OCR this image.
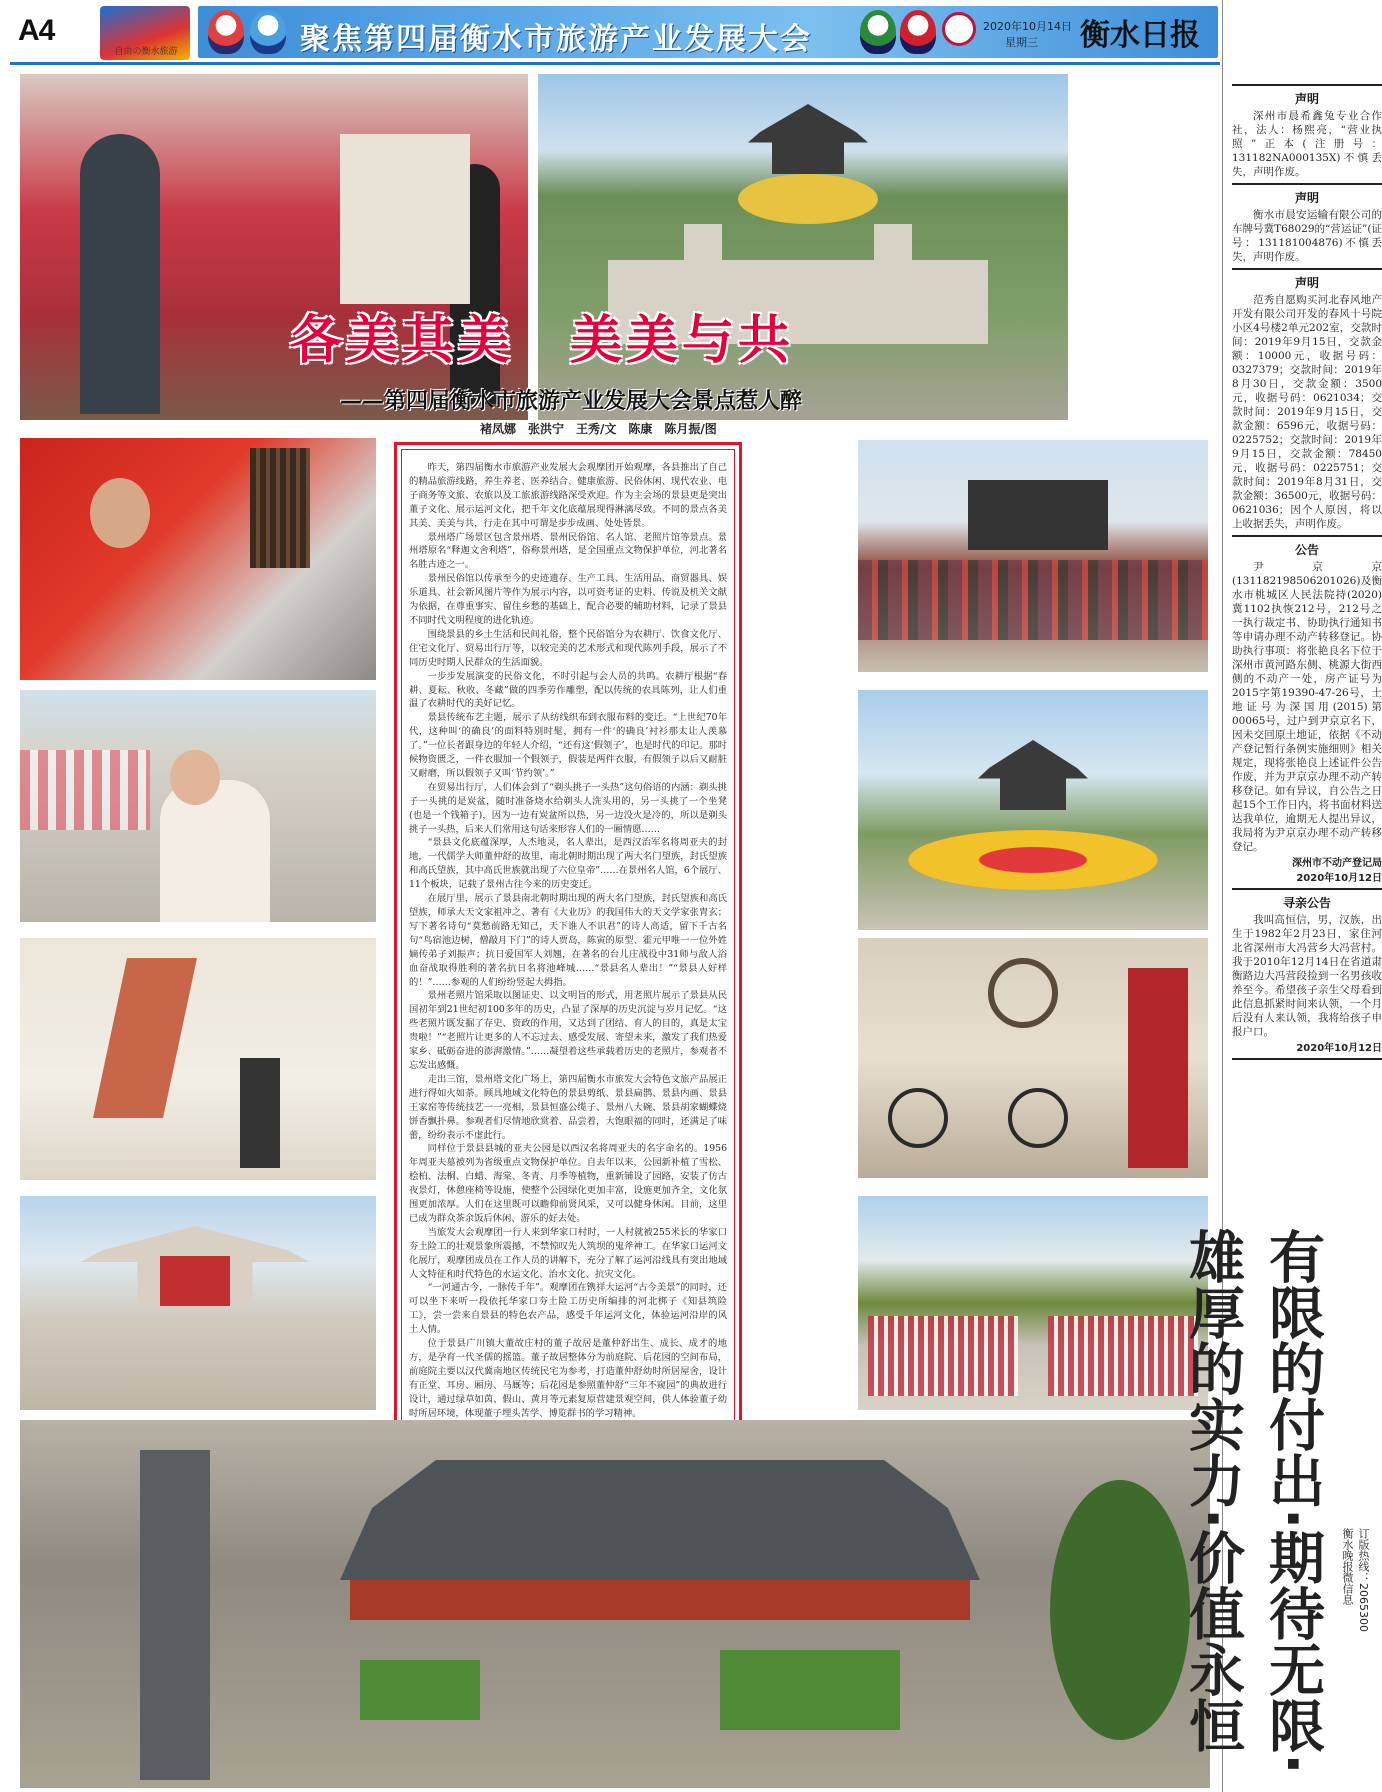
A4
自由の衡水旅游	聚焦第四届衡水市旅游产业发展大会	2020年10月14日
星期三 衡水日报
各美其美　美美与共
——第四届衡水市旅游产业发展大会景点惹人醉
褚凤娜　张洪宁　王秀/文　陈康　陈月振/图

昨天，第四届衡水市旅游产业发展大会观摩团开始观摩，各县推出了自己的精品旅游线路，养生养老、医养结合、健康旅游、民俗休闲、现代农业、电子商务等文旅、农旅以及工旅旅游线路深受欢迎。作为主会场的景县更是突出董子文化、展示运河文化，把千年文化底蕴展现得淋漓尽致。不同的景点各美其美、美美与共，行走在其中可谓是步步成画、处处皆景。

景州塔广场景区包含景州塔、景州民俗馆、名人馆、老照片馆等景点。景州塔原名“释迦文舍利塔”，俗称景州塔，是全国重点文物保护单位，河北著名名胜古迹之一。

景州民俗馆以传承至今的史迹遗存、生产工具、生活用品、商贸器具、娱乐道具、社会新风图片等作为展示内容，以可资考证的史料、传说及机关文献为依据，在尊重事实、留住乡愁的基础上，配合必要的辅助材料，记录了景县不同时代文明程度的进化轨迹。

围绕景县的乡土生活和民间礼俗，整个民俗馆分为农耕厅、饮食文化厅、住宅文化厅、贸易出行厅等，以较完美的艺术形式和现代陈列手段，展示了不同历史时期人民群众的生活面貌。

一步步发展演变的民俗文化，不时引起与会人员的共鸣。农耕厅根据“春耕、夏耘、秋收、冬藏”做的四季劳作雕塑，配以传统的农具陈列，让人们重温了农耕时代的美好记忆。

景县传统布艺主题，展示了从纺线织布到衣服布料的变迁。“上世纪70年代，这种叫‘的确良’的面料特别时髦，拥有一件‘的确良’衬衫那太让人羡慕了。”一位长者跟身边的年轻人介绍，“还有这‘假领子’，也是时代的印记。那时候物资匮乏，一件衣服加一个假领子，假装是两件衣服，有假领子以后又耐脏又耐磨，所以假领子又叫‘节约领’。”

在贸易出行厅，人们体会到了“剃头挑子一头热”这句俗语的内涵：剃头挑子一头挑的是炭盆，随时准备烧水给剃头人洗头用的，另一头挑了一个坐凳(也是一个钱箱子)，因为一边有炭盆所以热，另一边没火是冷的，所以是剃头挑子一头热，后来人们常用这句话来形容人们的一厢情愿……

“景县文化底蕴深厚，人杰地灵，名人辈出，是西汉治军名将周亚夫的封地，一代儒学大师董仲舒的故里，南北朝时期出现了两大名门望族，封氏望族和高氏望族，其中高氏世族就出现了六位皇帝”……在景州名人馆，6个展厅、11个板块，记载了景州古往今来的历史变迁。

在展厅里，展示了景县南北朝时期出现的两大名门望族，封氏望族和高氏望族，师承大天文家祖冲之、著有《大业历》的我国伟大的天文学家张胄玄；写下著名诗句“莫愁前路无知己，天下谁人不识君”的诗人高适，留下千古名句“鸟宿池边树，僧敲月下门”的诗人贾岛，陈寅的原型、霍元甲唯一一位外姓嫡传弟子刘振声；抗日爱国军人刘翘，在著名的台儿庄战役中31师与敌人浴血奋战取得胜利的著名抗日名将池峰城……“景县名人辈出！”“景县人好样的！”……参观的人们纷纷竖起大拇指。

景州老照片馆采取以图证史、以文明旨的形式，用老照片展示了景县从民国初年到21世纪初100多年的历史，凸显了深厚的历史沉淀与岁月记忆。“这些老照片既发掘了存史、资政的作用，又达到了团结、育人的目的，真是太宝贵啦！”“老照片让更多的人不忘过去、感受发展、寄望未来，激发了我们热爱家乡、砥砺奋进的澎湃激情。”……凝望着这些承载着历史的老照片，参观者不忘发出感慨。

走出三馆，景州塔文化广场上，第四届衡水市旅发大会特色文旅产品展正进行得如火如荼。顾具地域文化特色的景县剪纸、景县扁鹊、景县内画、景县王家窑等传统技艺一一亮相，景县恒盛公缆子、景州八大碗、景县胡家蝴蝶烧饼香飘扑鼻。参观者们尽情地欣赏着、品尝着，大饱眼福的同时，还满足了味蕾，纷纷表示不虚此行。

同样位于景县县城的亚夫公园是以西汉名将周亚夫的名字命名的。1956年周亚夫墓被列为省级重点文物保护单位。自去年以来，公园新补植了雪松、桧柏、法桐、白蜡、海棠、冬青、月季等植物，重新铺设了园路，安装了仿古夜景灯，休憩座椅等设施，使整个公园绿化更加丰富，设施更加齐全，文化氛围更加浓厚。人们在这里既可以瞻仰前贤风采，又可以健身休闲。目前，这里已成为群众茶余饭后休闲、游乐的好去处。

当旅发大会观摩团一行人来到华家口村时，一人村就被255米长的华家口夯土险工的壮观景象所震撼，不禁惊叹先人筑坝的鬼斧神工。在华家口运河文化展厅，观摩团成员在工作人员的讲解下，充分了解了运河沿线具有突出地域人文特征和时代特色的水运文化、治水文化、抗灾文化。

“一河通古今，一脉传千年”。观摩团在镌祥大运河“古今美景”的同时，还可以坐下来听一段依托华家口夯土险工历史所编排的河北梆子《知县筑险工》，尝一尝来自景县的特色农产品，感受千年运河文化，体验运河沿岸的风土人情。

位于景县广川镇大董故庄村的董子故居是董仲舒出生、成长、成才的地方，是孕育一代圣儒的摇篮。董子故居整体分为前庭院、后花园的空间布局，前庭院主要以汉代冀南地区传统民宅为参考，打造董仲舒幼时所居屋舍，设计有正堂、耳房、厢房、马厩等；后花园是参照董仲舒“三年不窥园”的典故进行设计，通过绿草如茵、假山、黄月等元素复原营建景观空间，供人体验董子幼时所居环境，体现董子埋头苦学、博览群书的学习精神。

声明
深州市晨希鑫兔专业合作社，法人：杨熙亮，“营业执照”正本(注册号：131182NA000135X)不慎丢失，声明作废。
声明
衡水市晨安运输有限公司的车牌号冀T68029的“营运证”(证号：131181004876)不慎丢失，声明作废。
声明
范秀自愿购买河北春风地产开发有限公司开发的春风十号院小区4号楼2单元202室，交款时间：2019年9月15日，交款金额：10000元，收据号码：0327379；交款时间：2019年8月30日，交款金额：3500元，收据号码：0621034；交款时间：2019年9月15日，交款金额：6596元，收据号码：0225752；交款时间：2019年9月15日，交款金额：78450元，收据号码：0225751；交款时间：2019年8月31日，交款金额：36500元，收据号码：0621036；因个人原因，将以上收据丢失，声明作废。
公告
尹京京(131182198506201026)及衡水市桃城区人民法院持(2020)冀1102执恢212号，212号之一执行裁定书、协助执行通知书等申请办理不动产转移登记。协助执行事项：将张艳良名下位于深州市黄河路东侧、桃源大街西侧的不动产一处，房产证号为2015字第19390-47-26号，土地证号为深国用(2015)第00065号，过户到尹京京名下，因未交回原土地证，依据《不动产登记暂行条例实施细则》相关规定，现将张艳良上述证件公告作废，并为尹京京办理不动产转移登记。如有异议，自公告之日起15个工作日内，将书面材料送达我单位，逾期无人提出异议，我局将为尹京京办理不动产转移登记。
深州市不动产登记局
2020年10月12日
寻亲公告
我叫高恒信，男，汉族，出生于1982年2月23日，家住河北省深州市大冯营乡大冯营村。我于2010年12月14日在省道肃衡路边大冯营段捡到一名男孩收养至今。希望孩子亲生父母看到此信息抓紧时间来认领，一个月后没有人来认领，我将给孩子申报户口。
2020年10月12日
有限的付出·期待无限·雄厚的实力·价值永恒	衡水晚报微信息 订版热线：2065300
